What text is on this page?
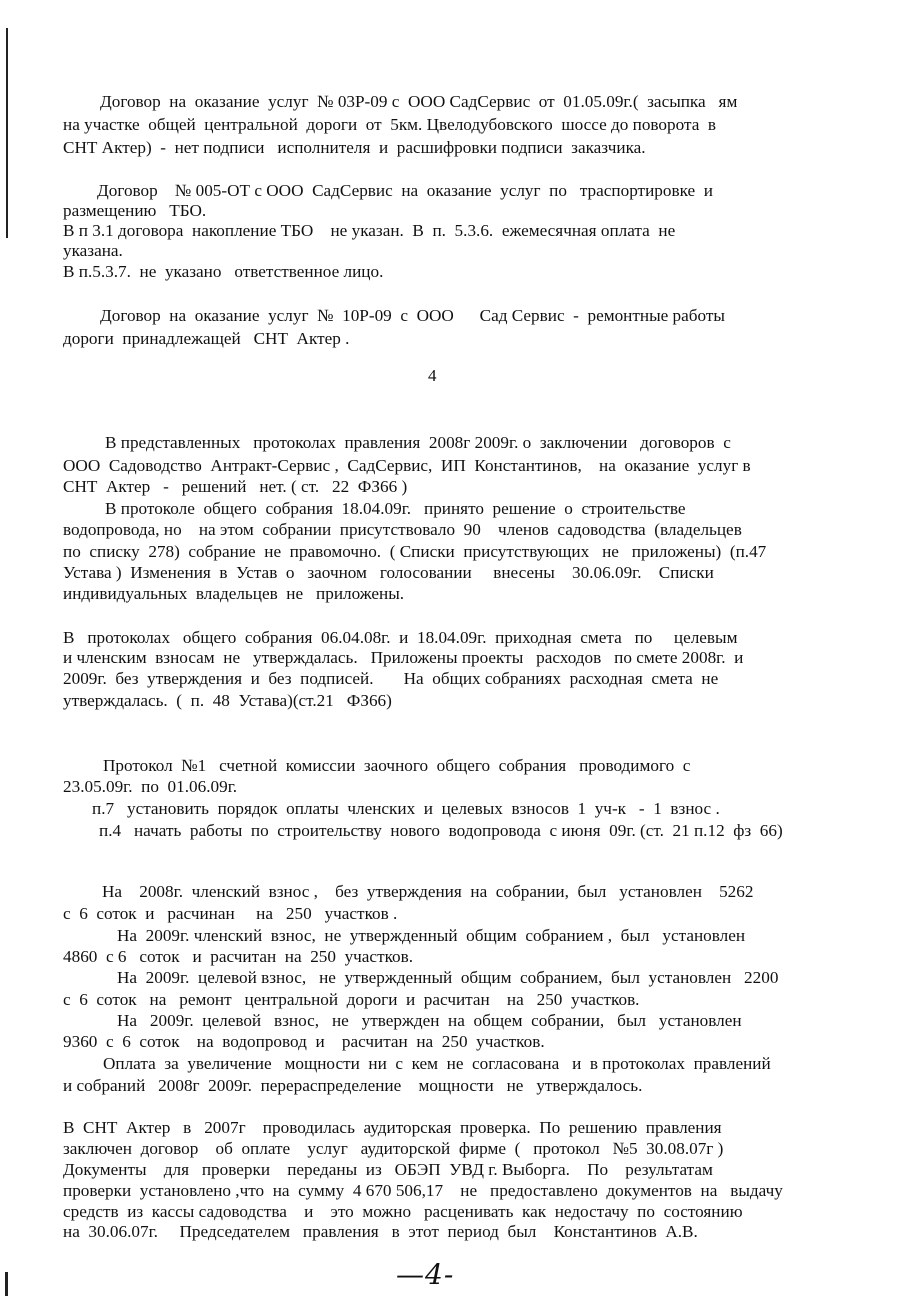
Договор  на  оказание  услуг  № 03Р-09 с  ООО СадСервис  от  01.05.09г.(  засыпка   ям
на участке  общей  центральной  дороги  от  5км. Цвелодубовского  шоссе до поворота  в
СНТ Актер)  -  нет подписи   исполнителя  и  расшифровки подписи  заказчика.
Договор    № 005-ОТ с ООО  СадСервис  на  оказание  услуг  по   траспортировке  и
размещению   ТБО.
В п 3.1 договора  накопление ТБО    не указан.  В  п.  5.3.6.  ежемесячная оплата  не
указана.
В п.5.3.7.  не  указано   ответственное лицо.
Договор  на  оказание  услуг  №  10Р-09  с  ООО      Сад Сервис  -  ремонтные работы
дороги  принадлежащей   СНТ  Актер .
4
В представленных   протоколах  правления  2008г 2009г. о  заключении   договоров  с
ООО  Садоводство  Антракт-Сервис ,  СадСервис,  ИП  Константинов,    на  оказание  услуг в
СНТ  Актер   -   решений   нет. ( ст.   22  ФЗ66 )
В протоколе  общего  собрания  18.04.09г.   принято  решение  о  строительстве
водопровода, но    на этом  собрании  присутствовало  90    членов  садоводства  (владельцев
по  списку  278)  собрание  не  правомочно.  ( Списки  присутствующих   не   приложены)  (п.47
Устава )  Изменения  в  Устав  о   заочном   голосовании     внесены    30.06.09г.    Списки
индивидуальных  владельцев  не   приложены.
В   протоколах   общего  собрания  06.04.08г.  и  18.04.09г.  приходная  смета   по     целевым
и членским  взносам  не   утверждалась.   Приложены проекты   расходов   по смете 2008г.  и
2009г.  без  утверждения  и  без  подписей.       На  общих собраниях  расходная  смета  не
утверждалась.  (  п.  48  Устава)(ст.21   ФЗ66)
Протокол  №1   счетной  комиссии  заочного  общего  собрания   проводимого  с
23.05.09г.  по  01.06.09г.
п.7   установить  порядок  оплаты  членских  и  целевых  взносов  1  уч-к   -  1  взнос .
п.4   начать  работы  по  строительству  нового  водопровода  с июня  09г. (ст.  21 п.12  фз  66)
На    2008г.  членский  взнос ,    без  утверждения  на  собрании,  был   установлен    5262
с  6  соток  и   расчинан     на   250   участков .
На  2009г. членский  взнос,  не  утвержденный  общим  собранием ,  был   установлен
4860  с 6   соток   и  расчитан  на  250  участков.
На  2009г.  целевой взнос,   не  утвержденный  общим  собранием,  был  установлен   2200
с  6  соток   на   ремонт   центральной  дороги  и  расчитан    на   250  участков.
На   2009г.  целевой   взнос,   не   утвержден  на  общем  собрании,   был   установлен
9360  с  6  соток    на  водопровод  и    расчитан  на  250  участков.
Оплата  за  увеличение   мощности  ни  с  кем  не  согласована   и  в протоколах  правлений
и собраний   2008г  2009г.  перераспределение    мощности   не   утверждалось.
В  СНТ  Актер   в   2007г    проводилась  аудиторская  проверка.  По  решению  правления
заключен  договор    об  оплате    услуг   аудиторской  фирме  (   протокол   №5  30.08.07г )
Документы    для   проверки    переданы  из   ОБЭП  УВД г. Выборга.    По    результатам
проверки  установлено ,что  на  сумму  4 670 506,17    не   предоставлено  документов  на   выдачу
средств  из  кассы садоводства    и    это  можно   расценивать  как  недостачу  по  состоянию
на  30.06.07г.     Председателем   правления   в  этот  период  был    Константинов  А.В.
—4-
